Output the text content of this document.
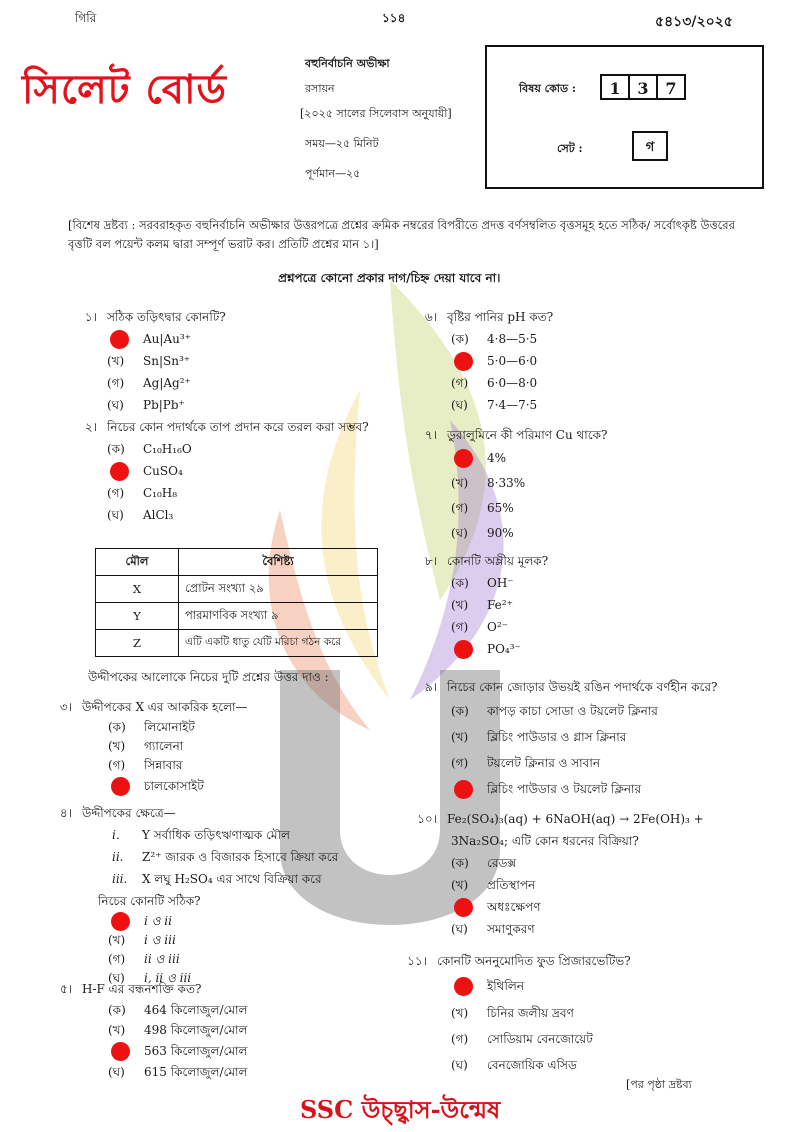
গিরি	১১৪	৫৪১৩/২০২৫
সিলেট বোর্ড
বহুনির্বাচনি অভীক্ষা
রসায়ন
[২০২৫ সালের সিলেবাস অনুযায়ী]
সময়—২৫ মিনিট
পূর্ণমান—২৫
বিষয় কোড :	1 3 7
সেট :	গ
[বিশেষ দ্রষ্টব্য : সরবরাহকৃত বহুনির্বাচনি অভীক্ষার উত্তরপত্রে প্রশ্নের ক্রমিক নম্বরের বিপরীতে প্রদত্ত বর্ণসম্বলিত বৃত্তসমূহ হতে সঠিক/ সর্বোৎকৃষ্ট উত্তরের বৃত্তটি বল পয়েন্ট কলম দ্বারা সম্পূর্ণ ভরাট কর। প্রতিটি প্রশ্নের মান ১।]
প্রশ্নপত্রে কোনো প্রকার দাগ/চিহ্ন দেয়া যাবে না।
১। সঠিক তড়িৎদ্বার কোনটি?
Au|Au³⁺
(খ) Sn|Sn³⁺
(গ) Ag|Ag²⁺
(ঘ) Pb|Pb⁺
২। নিচের কোন পদার্থকে তাপ প্রদান করে তরল করা সম্ভব?
(ক) C₁₀H₁₆O
CuSO₄
(গ) C₁₀H₈
(ঘ) AlCl₃
মৌল	বৈশিষ্ট্য
X	প্রোটন সংখ্যা ২৯
Y	পারমাণবিক সংখ্যা ৯
Z	এটি একটি ধাতু যেটি মরিচা গঠন করে
উদ্দীপকের আলোকে নিচের দুটি প্রশ্নের উত্তর দাও :
৩। উদ্দীপকের X এর আকরিক হলো—
(ক) লিমোনাইট
(খ) গ্যালেনা
(গ) সিন্নাবার
চালকোসাইট
৪। উদ্দীপকের ক্ষেত্রে—
i. Y সর্বাধিক তড়িৎঋণাত্মক মৌল
ii. Z²⁺ জারক ও বিজারক হিসাবে ক্রিয়া করে
iii. X লঘু H₂SO₄ এর সাথে বিক্রিয়া করে
নিচের কোনটি সঠিক?
i ও ii
(খ) i ও iii
(গ) ii ও iii
(ঘ) i, ii ও iii
৫। H-F এর বন্ধনশক্তি কত?
(ক) 464 কিলোজুল/মোল
(খ) 498 কিলোজুল/মোল
563 কিলোজুল/মোল
(ঘ) 615 কিলোজুল/মোল
৬। বৃষ্টির পানির pH কত?
(ক) 4·8—5·5
5·0—6·0
(গ) 6·0—8·0
(ঘ) 7·4—7·5
৭। ডুরালুমিনে কী পরিমাণ Cu থাকে?
4%
(খ) 8·33%
(গ) 65%
(ঘ) 90%
৮। কোনটি অম্লীয় মূলক?
(ক) OH⁻
(খ) Fe²⁺
(গ) O²⁻
PO₄³⁻
৯। নিচের কোন জোড়ার উভয়ই রঙিন পদার্থকে বর্ণহীন করে?
(ক) কাপড় কাচা সোডা ও টয়লেট ক্লিনার
(খ) ব্লিচিং পাউডার ও গ্লাস ক্লিনার
(গ) টয়লেট ক্লিনার ও সাবান
ব্লিচিং পাউডার ও টয়লেট ক্লিনার
১০। Fe₂(SO₄)₃(aq) + 6NaOH(aq) → 2Fe(OH)₃ +
3Na₂SO₄; এটি কোন ধরনের বিক্রিয়া?
(ক) রেডক্স
(খ) প্রতিস্থাপন
অধঃক্ষেপণ
(ঘ) সমাণুকরণ
১১। কোনটি অননুমোদিত ফুড প্রিজারভেটিভ?
ইথিলিন
(খ) চিনির জলীয় দ্রবণ
(গ) সোডিয়াম বেনজোয়েট
(ঘ) বেনজোয়িক এসিড
[পর পৃষ্ঠা দ্রষ্টব্য
SSC উচ্ছ্বাস-উন্মেষ
